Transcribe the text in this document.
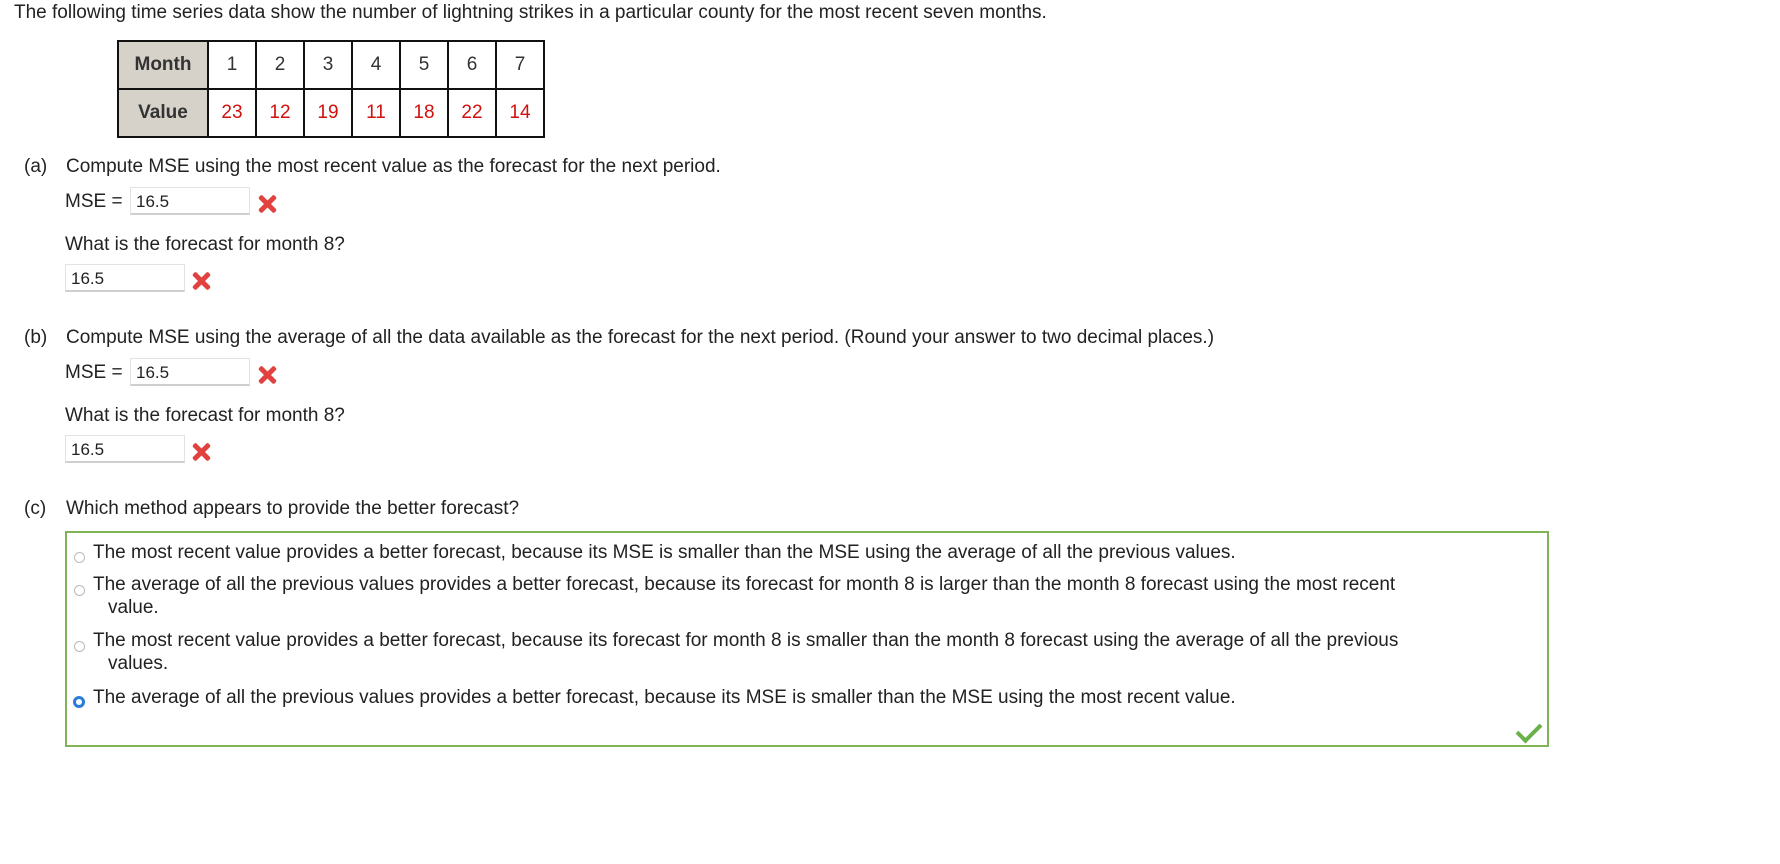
The following time series data show the number of lightning strikes in a particular county for the most recent seven months.
Month	1	2	3	4	5	6	7
Value	23	12	19	11	18	22	14
(a) Compute MSE using the most recent value as the forecast for the next period.
MSE = 16.5
What is the forecast for month 8?
16.5
(b) Compute MSE using the average of all the data available as the forecast for the next period. (Round your answer to two decimal places.)
MSE = 16.5
What is the forecast for month 8?
16.5
(c) Which method appears to provide the better forecast?
The most recent value provides a better forecast, because its MSE is smaller than the MSE using the average of all the previous values.
The average of all the previous values provides a better forecast, because its forecast for month 8 is larger than the month 8 forecast using the most recent
value.
The most recent value provides a better forecast, because its forecast for month 8 is smaller than the month 8 forecast using the average of all the previous
values.
The average of all the previous values provides a better forecast, because its MSE is smaller than the MSE using the most recent value.
